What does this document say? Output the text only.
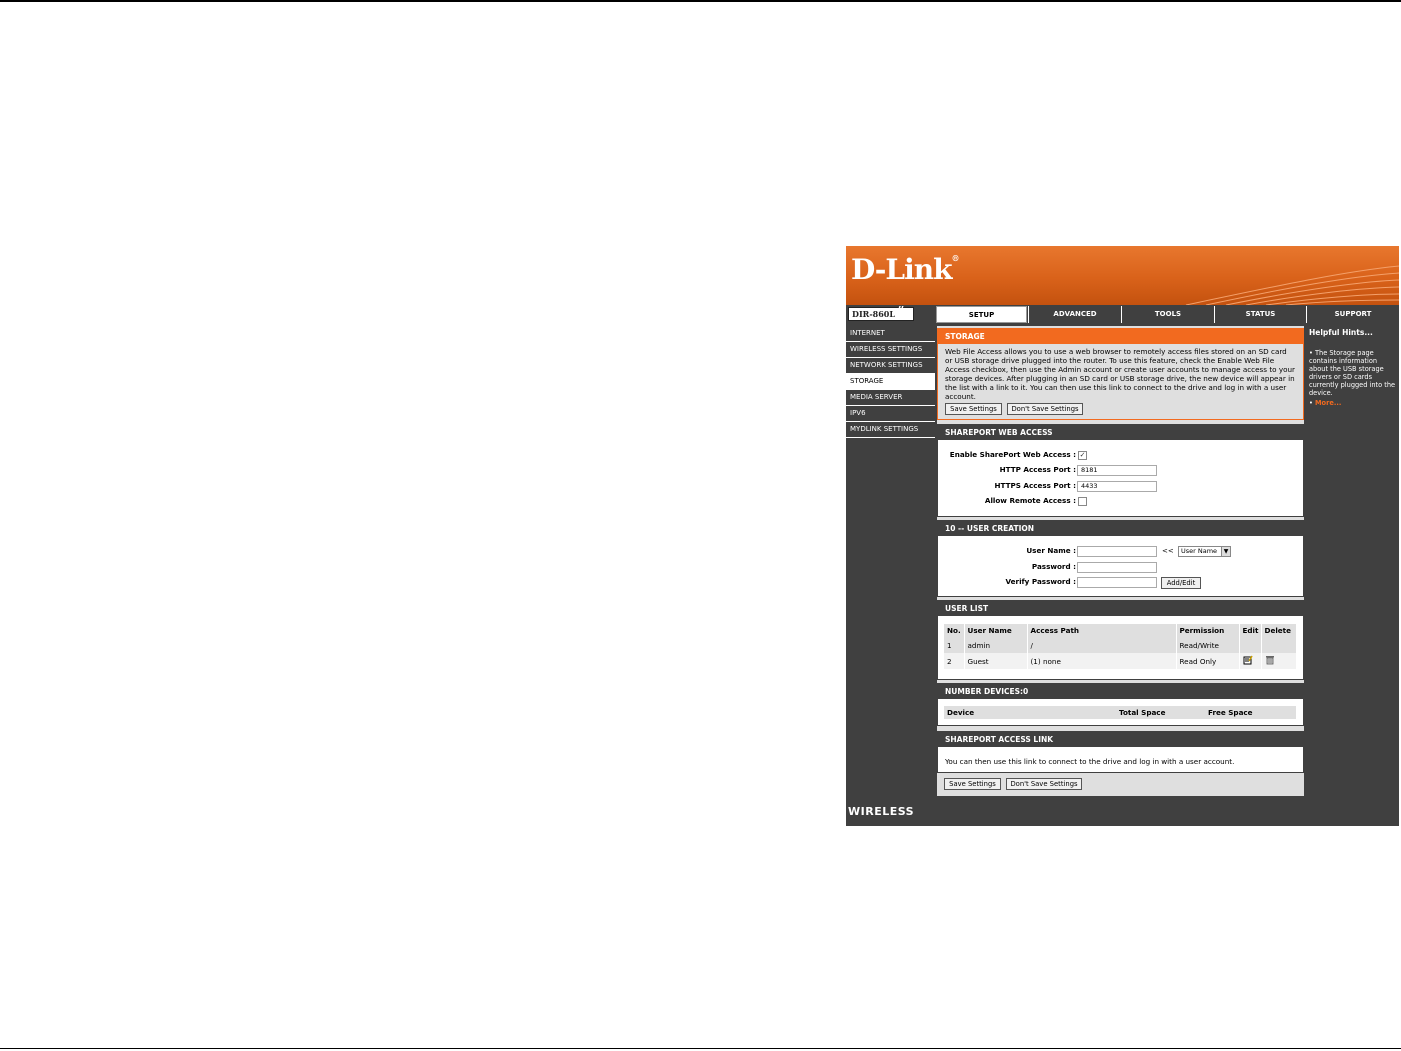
D-Link®
DIR-860L //	SETUP	ADVANCED	TOOLS	STATUS	SUPPORT
INTERNET
WIRELESS SETTINGS
NETWORK SETTINGS
STORAGE
MEDIA SERVER
IPV6
MYDLINK SETTINGS
STORAGE
Web File Access allows you to use a web browser to remotely access files stored on an SD card or USB storage drive plugged into the router. To use this feature, check the Enable Web File Access checkbox, then use the Admin account or create user accounts to manage access to your storage devices. After plugging in an SD card or USB storage drive, the new device will appear in the list with a link to it. You can then use this link to connect to the drive and log in with a user account.
Save Settings	Don't Save Settings
SHAREPORT WEB ACCESS
Enable SharePort Web Access : ✓
HTTP Access Port : 8181
HTTPS Access Port : 4433
Allow Remote Access :
10 -- USER CREATION
User Name :	<<	User Name	▼
Password :
Verify Password :	Add/Edit
USER LIST
No.	User Name	Access Path	Permission	Edit	Delete
1	admin	/	Read/Write		
2	Guest	(1) none	Read Only		
NUMBER DEVICES:0
Device	Total Space	Free Space
SHAREPORT ACCESS LINK
You can then use this link to connect to the drive and log in with a user account.
Save Settings	Don't Save Settings
Helpful Hints...
• The Storage page contains information about the USB storage drivers or SD cards currently plugged into the device.
• More...
WIRELESS
